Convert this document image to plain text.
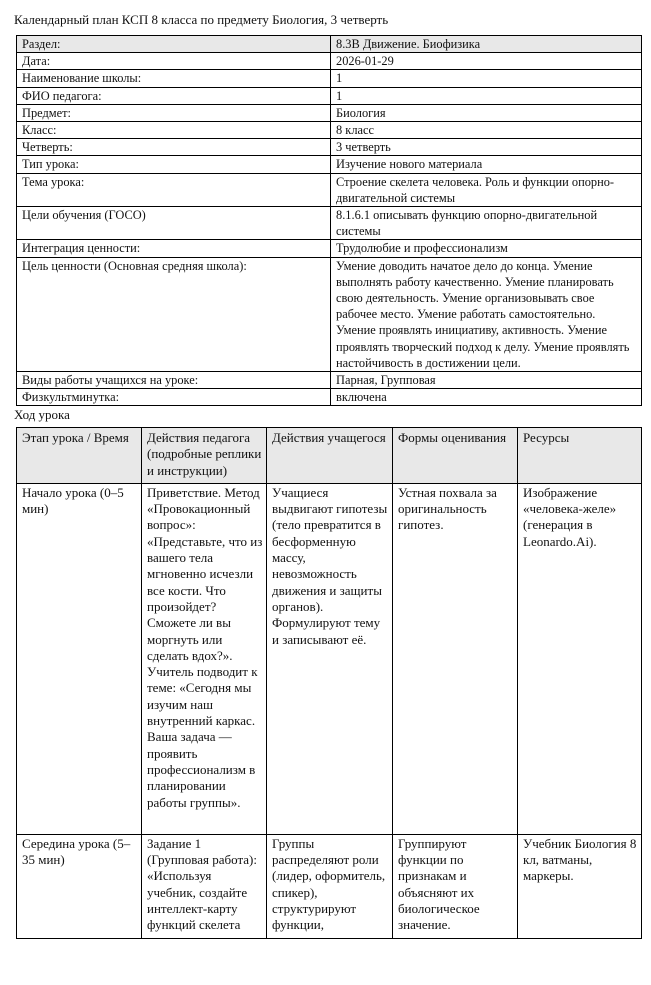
Календарный план КСП 8 класса по предмету Биология, 3 четверть
Раздел:	8.3В Движение. Биофизика
Дата:	2026-01-29
Наименование школы:	1
ФИО педагога:	1
Предмет:	Биология
Класс:	8 класс
Четверть:	3 четверть
Тип урока:	Изучение нового материала
Тема урока:	Строение скелета человека. Роль и функции опорно-двигательной системы
Цели обучения (ГОСО)	8.1.6.1 описывать функцию опорно-двигательной системы
Интеграция ценности:	Трудолюбие и профессионализм
Цель ценности (Основная средняя школа):	Умение доводить начатое дело до конца. Умение выполнять работу качественно. Умение планировать свою деятельность. Умение организовывать свое рабочее место. Умение работать самостоятельно. Умение проявлять инициативу, активность. Умение проявлять творческий подход к делу. Умение проявлять настойчивость в достижении цели.
Виды работы учащихся на уроке:	Парная, Групповая
Физкультминутка:	включена
Ход урока
Этап урока / Время	Действия педагога (подробные реплики и инструкции)	Действия учащегося	Формы оценивания	Ресурсы
Начало урока (0–5 мин)	Приветствие. Метод «Провокационный вопрос»: «Представьте, что из вашего тела мгновенно исчезли все кости. Что произойдет? Сможете ли вы моргнуть или сделать вдох?». Учитель подводит к теме: «Сегодня мы изучим наш внутренний каркас. Ваша задача — проявить профессионализм в планировании работы группы».	Учащиеся выдвигают гипотезы (тело превратится в бесформенную массу, невозможность движения и защиты органов). Формулируют тему и записывают её.	Устная похвала за оригинальность гипотез.	Изображение «человека-желе» (генерация в Leonardo.Ai).
Середина урока (5–35 мин)	Задание 1 (Групповая работа): «Используя учебник, создайте интеллект-карту функций скелета	Группы распределяют роли (лидер, оформитель, спикер), структурируют функции,	Группируют функции по признакам и объясняют их биологическое значение.	Учебник Биология 8 кл, ватманы, маркеры.
